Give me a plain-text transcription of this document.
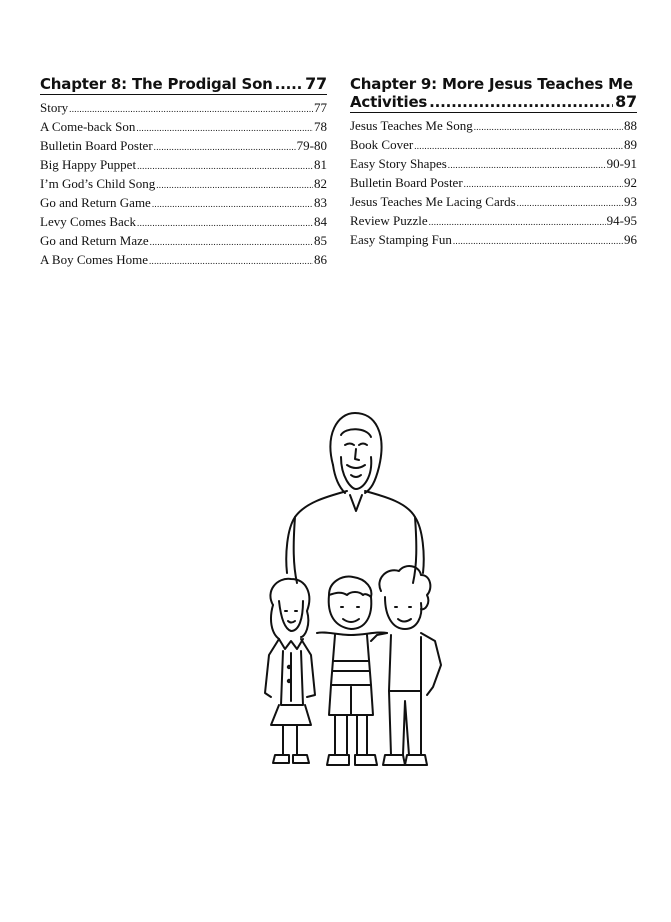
Chapter 8: The Prodigal Son ..... 77
Story .....	77
A Come-back Son .....	78
Bulletin Board Poster .....	79-80
Big Happy Puppet .....	81
I’m God’s Child Song .....	82
Go and Return Game .....	83
Levy Comes Back .....	84
Go and Return Maze .....	85
A Boy Comes Home .....	86
Chapter 9: More Jesus Teaches Me
Activities .....	87
Jesus Teaches Me Song .....	88
Book Cover .....	89
Easy Story Shapes .....	90-91
Bulletin Board Poster .....	92
Jesus Teaches Me Lacing Cards .....	93
Review Puzzle .....	94-95
Easy Stamping Fun .....	96
